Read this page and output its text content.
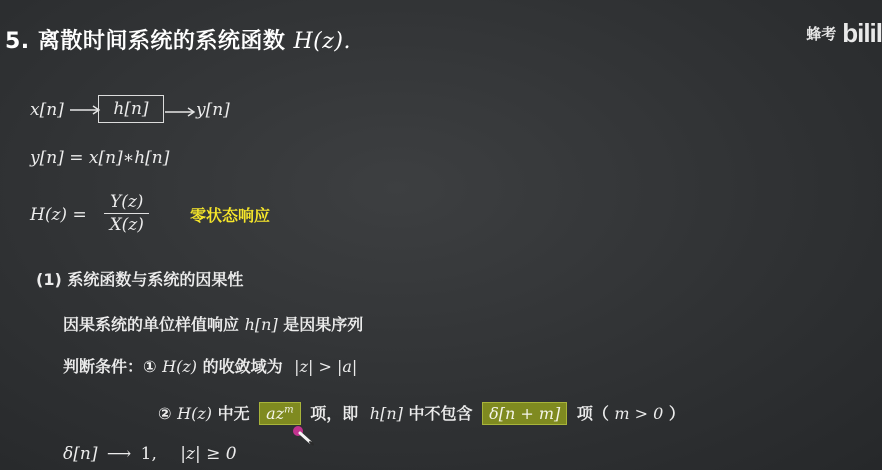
5. 离散时间系统的系统函数 H(z).	蜂考 bilil
x[n]	h[n]	y[n]
y[n] = x[n]∗h[n]
$H(z) = \frac{Y(z)}{X(z)}$	零状态响应
(1) 系统函数与系统的因果性
因果系统的单位样值响应 h[n] 是因果序列
判断条件：① H(z) 的收敛域为 |z| > |a|
② H(z) 中无 $az^m$ 项，即 h[n] 中不包含 δ[n + m] 项（ m > 0 ）
δ[n] ⟶ 1, |z| ≥ 0
